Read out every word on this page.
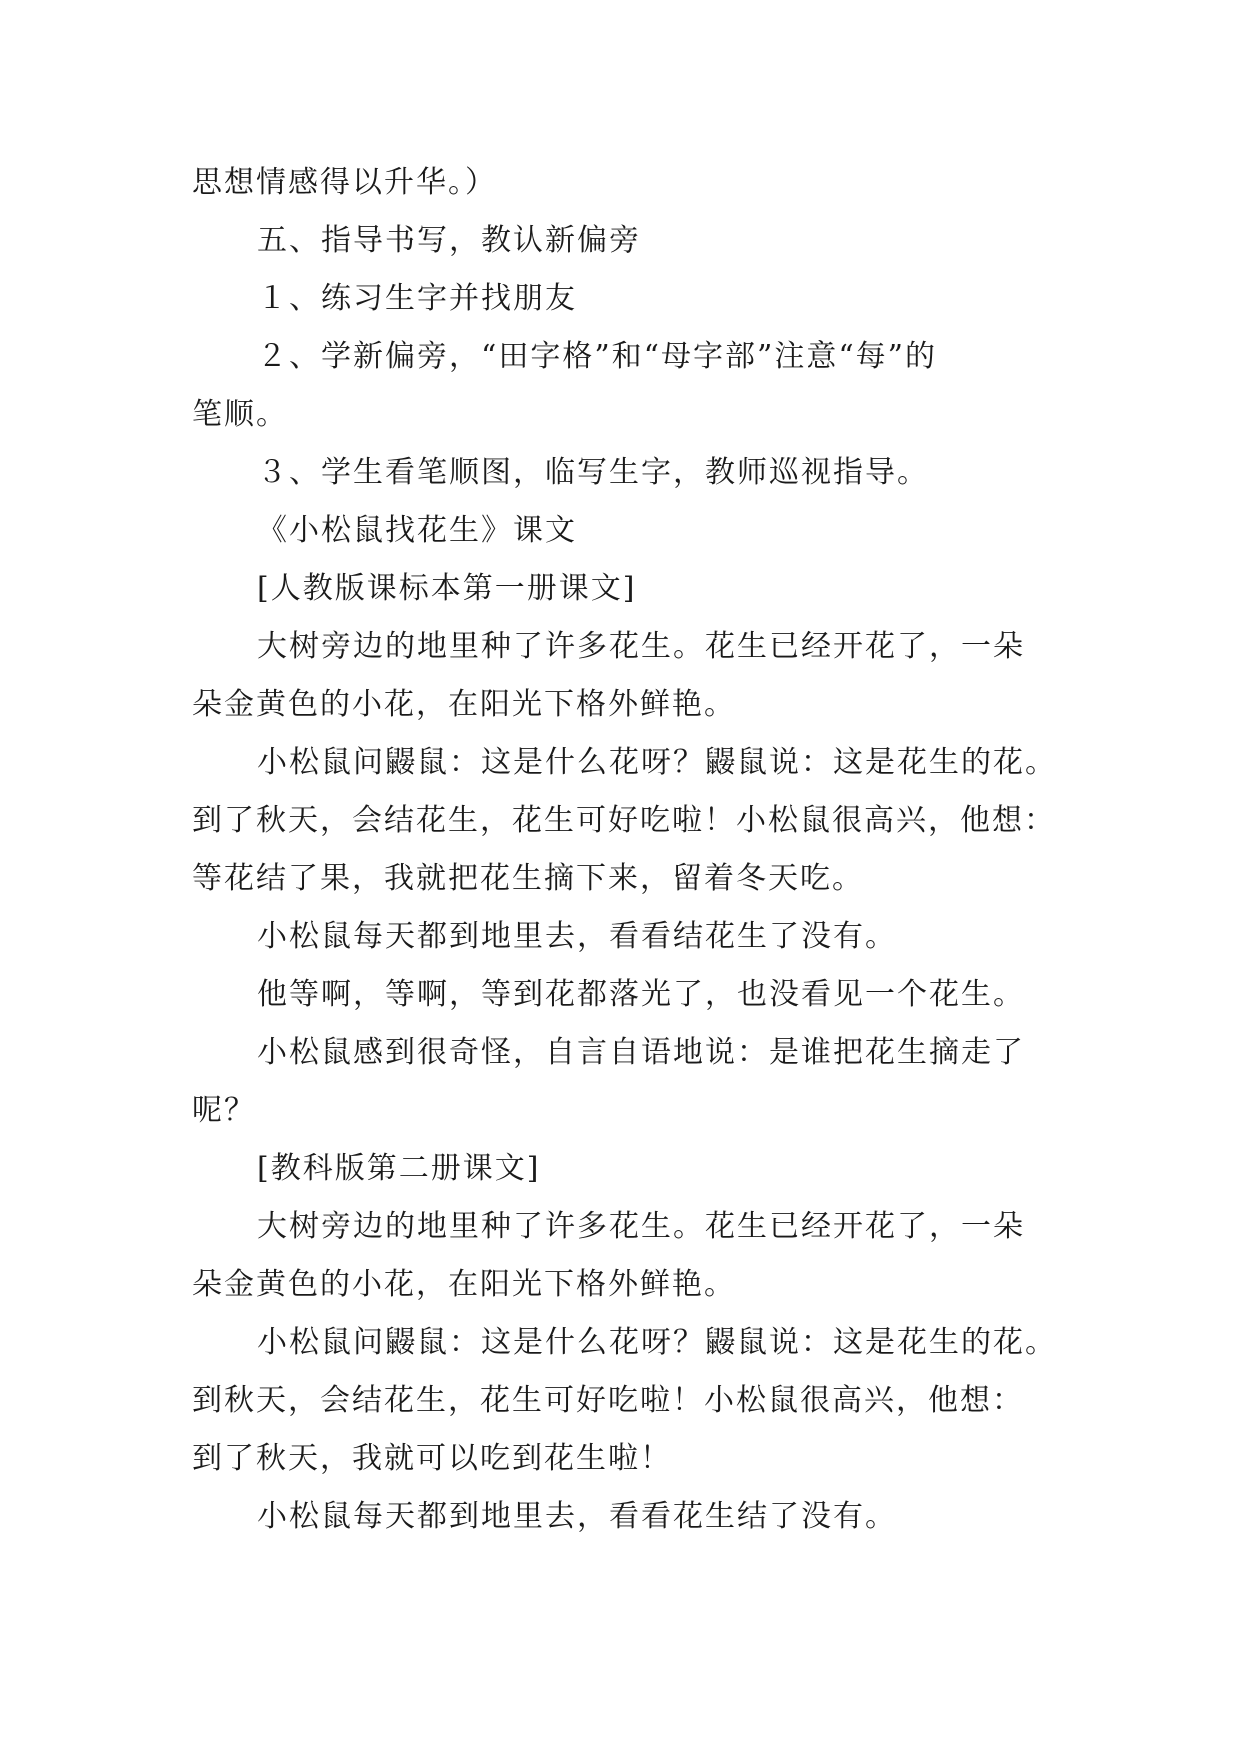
思想情感得以升华。）
五、指导书写，教认新偏旁
１、练习生字并找朋友
２、学新偏旁，“田字格”和“母字部”注意“每”的
笔顺。
３、学生看笔顺图，临写生字，教师巡视指导。
《小松鼠找花生》课文
[人教版课标本第一册课文]
大树旁边的地里种了许多花生。花生已经开花了，一朵
朵金黄色的小花，在阳光下格外鲜艳。
小松鼠问鼹鼠：这是什么花呀？鼹鼠说：这是花生的花。
到了秋天，会结花生，花生可好吃啦！小松鼠很高兴，他想：
等花结了果，我就把花生摘下来，留着冬天吃。
小松鼠每天都到地里去，看看结花生了没有。
他等啊，等啊，等到花都落光了，也没看见一个花生。
小松鼠感到很奇怪，自言自语地说：是谁把花生摘走了
呢？
[教科版第二册课文]
大树旁边的地里种了许多花生。花生已经开花了，一朵
朵金黄色的小花，在阳光下格外鲜艳。
小松鼠问鼹鼠：这是什么花呀？鼹鼠说：这是花生的花。
到秋天，会结花生，花生可好吃啦！小松鼠很高兴，他想：
到了秋天，我就可以吃到花生啦！
小松鼠每天都到地里去，看看花生结了没有。
